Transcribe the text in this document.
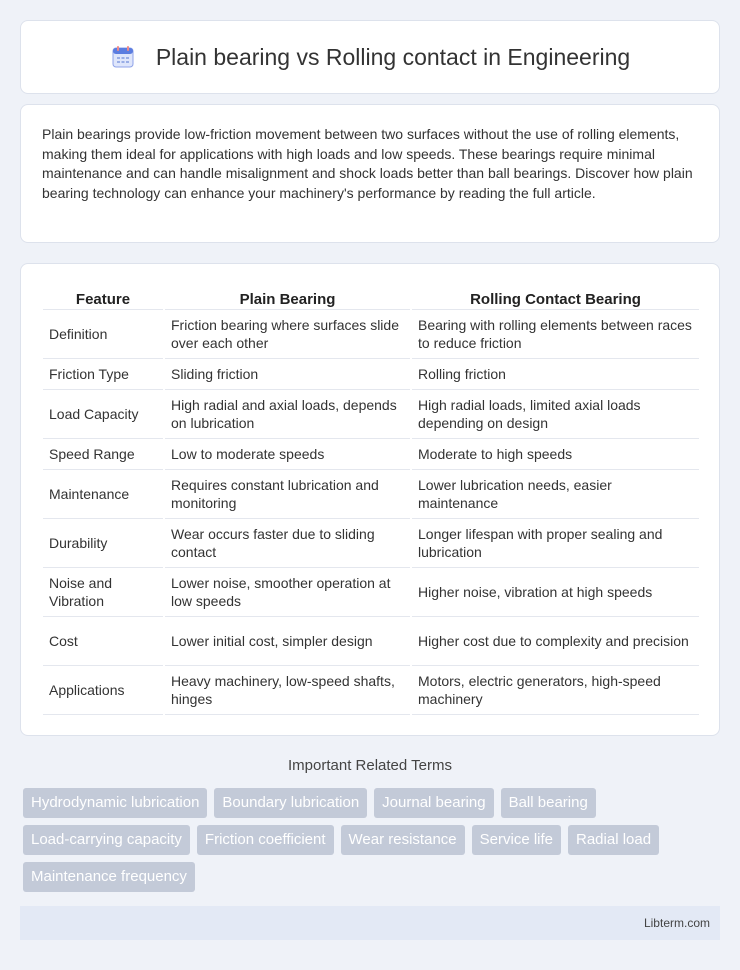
Plain bearing vs Rolling contact in Engineering

Plain bearings provide low-friction movement between two surfaces without the use of rolling elements, making them ideal for applications with high loads and low speeds. These bearings require minimal maintenance and can handle misalignment and shock loads better than ball bearings. Discover how plain bearing technology can enhance your machinery's performance by reading the full article.

Feature	Plain Bearing	Rolling Contact Bearing
Definition	Friction bearing where surfaces slide over each other	Bearing with rolling elements between races to reduce friction
Friction Type	Sliding friction	Rolling friction
Load Capacity	High radial and axial loads, depends on lubrication	High radial loads, limited axial loads depending on design
Speed Range	Low to moderate speeds	Moderate to high speeds
Maintenance	Requires constant lubrication and monitoring	Lower lubrication needs, easier maintenance
Durability	Wear occurs faster due to sliding contact	Longer lifespan with proper sealing and lubrication
Noise and Vibration	Lower noise, smoother operation at low speeds	Higher noise, vibration at high speeds
Cost	Lower initial cost, simpler design	Higher cost due to complexity and precision
Applications	Heavy machinery, low-speed shafts, hinges	Motors, electric generators, high-speed machinery
Important Related Terms
Hydrodynamic lubrication	Boundary lubrication	Journal bearing	Ball bearing
Load-carrying capacity	Friction coefficient	Wear resistance	Service life	Radial load
Maintenance frequency
Libterm.com
